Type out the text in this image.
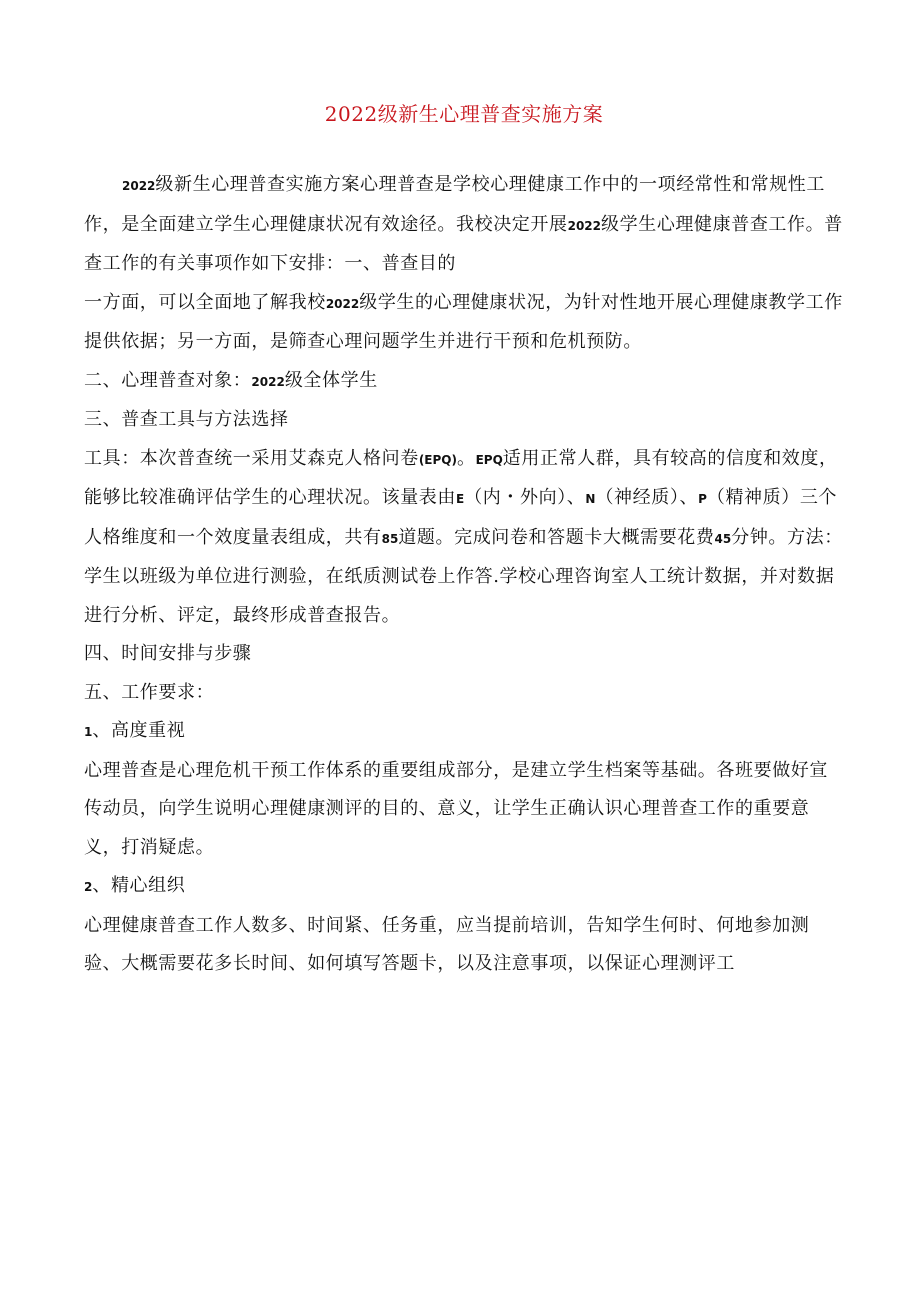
2022级新生心理普查实施方案

2022级新生心理普查实施方案心理普查是学校心理健康工作中的一项经常性和常规性工作，是全面建立学生心理健康状况有效途径。我校决定开展2022级学生心理健康普查工作。普查工作的有关事项作如下安排：一、普查目的

一方面，可以全面地了解我校2022级学生的心理健康状况，为针对性地开展心理健康教学工作提供依据；另一方面，是筛查心理问题学生并进行干预和危机预防。

二、心理普查对象：2022级全体学生

三、普查工具与方法选择

工具：本次普查统一采用艾森克人格问卷(EPQ)。EPQ适用正常人群，具有较高的信度和效度，能够比较准确评估学生的心理状况。该量表由E（内・外向）、N（神经质）、P（精神质）三个人格维度和一个效度量表组成，共有85道题。完成问卷和答题卡大概需要花费45分钟。方法：学生以班级为单位进行测验，在纸质测试卷上作答.学校心理咨询室人工统计数据，并对数据进行分析、评定，最终形成普查报告。

四、时间安排与步骤

五、工作要求：

1、高度重视

心理普查是心理危机干预工作体系的重要组成部分，是建立学生档案等基础。各班要做好宣传动员，向学生说明心理健康测评的目的、意义，让学生正确认识心理普查工作的重要意义，打消疑虑。

2、精心组织

心理健康普查工作人数多、时间紧、任务重，应当提前培训，告知学生何时、何地参加测验、大概需要花多长时间、如何填写答题卡，以及注意事项，以保证心理测评工
